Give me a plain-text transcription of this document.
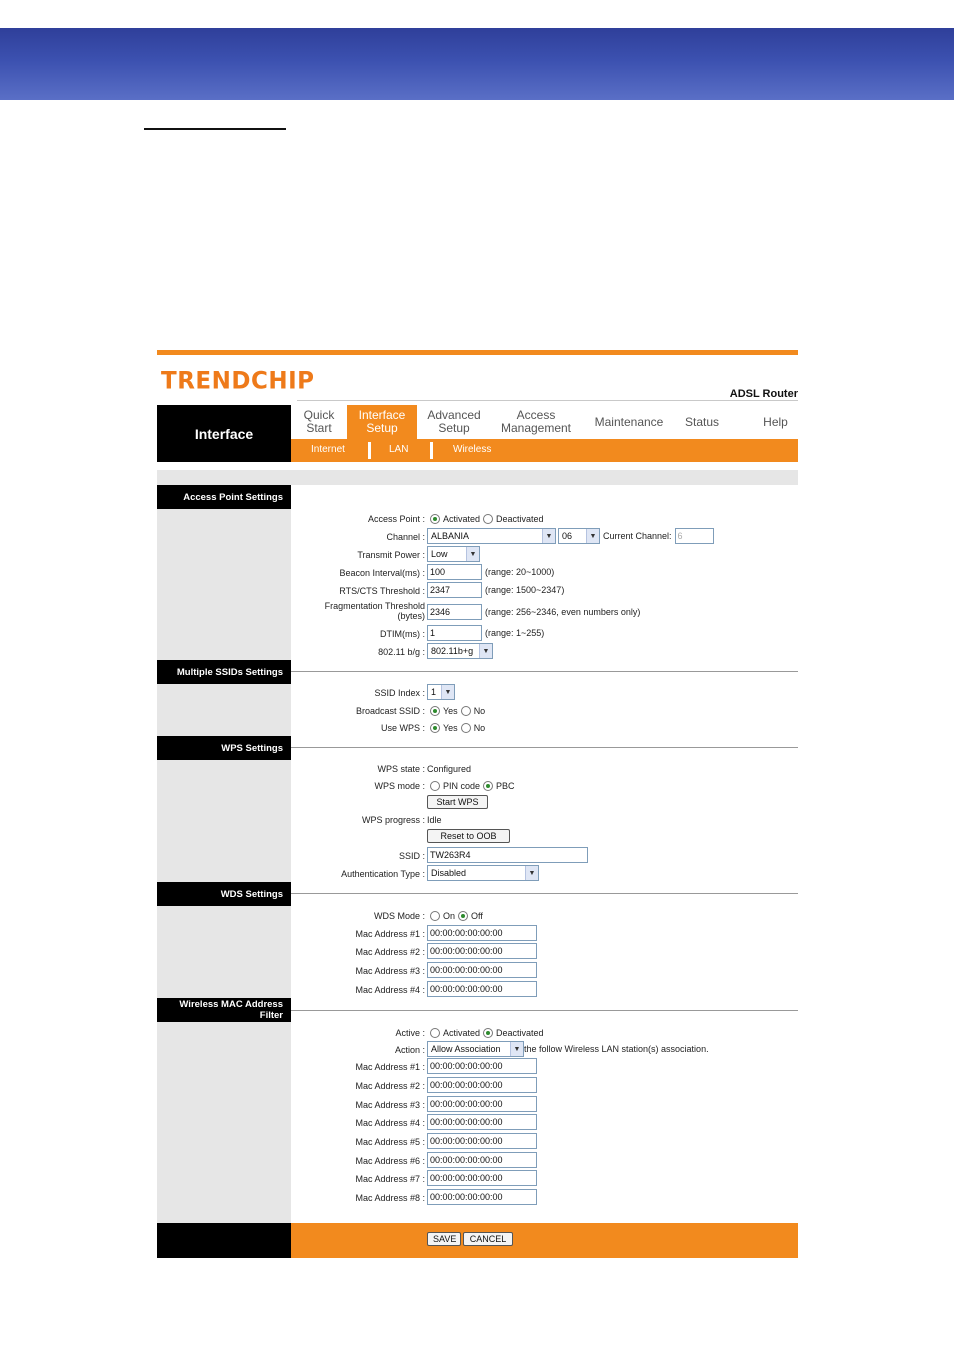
TRENDCHIP	ADSL Router
Interface
Quick
Start
Interface
Setup
Advanced
Setup
Access
Management Maintenance Status	Help
Internet	LAN	Wireless
Access Point Settings
Access Point : Activated Deactivated
Channel : ALBANIA	▼	06	▼ Current Channel: 6
Transmit Power : Low	▼
Beacon Interval(ms) : 100	(range: 20~1000)
RTS/CTS Threshold : 2347	(range: 1500~2347)
Fragmentation Threshold
(bytes) 2346	(range: 256~2346, even numbers only)
DTIM(ms) : 1	(range: 1~255)
802.11 b/g : 802.11b+g	▼
Multiple SSIDs Settings
SSID Index : 1	▼
Broadcast SSID : Yes No
Use WPS : Yes No
WPS Settings
WPS state : Configured
WPS mode : PIN code PBC
Start WPS
WPS progress : Idle
Reset to OOB
SSID : TW263R4
Authentication Type : Disabled	▼
WDS Settings
WDS Mode : On Off
Mac Address #1 : 00:00:00:00:00:00
Mac Address #2 : 00:00:00:00:00:00
Mac Address #3 : 00:00:00:00:00:00
Mac Address #4 : 00:00:00:00:00:00
Wireless MAC Address Filter
Active : Activated Deactivated
Action : Allow Association	▼ the follow Wireless LAN station(s) association.
Mac Address #1 : 00:00:00:00:00:00
Mac Address #2 : 00:00:00:00:00:00
Mac Address #3 : 00:00:00:00:00:00
Mac Address #4 : 00:00:00:00:00:00
Mac Address #5 : 00:00:00:00:00:00
Mac Address #6 : 00:00:00:00:00:00
Mac Address #7 : 00:00:00:00:00:00
Mac Address #8 : 00:00:00:00:00:00
SAVE	CANCEL
